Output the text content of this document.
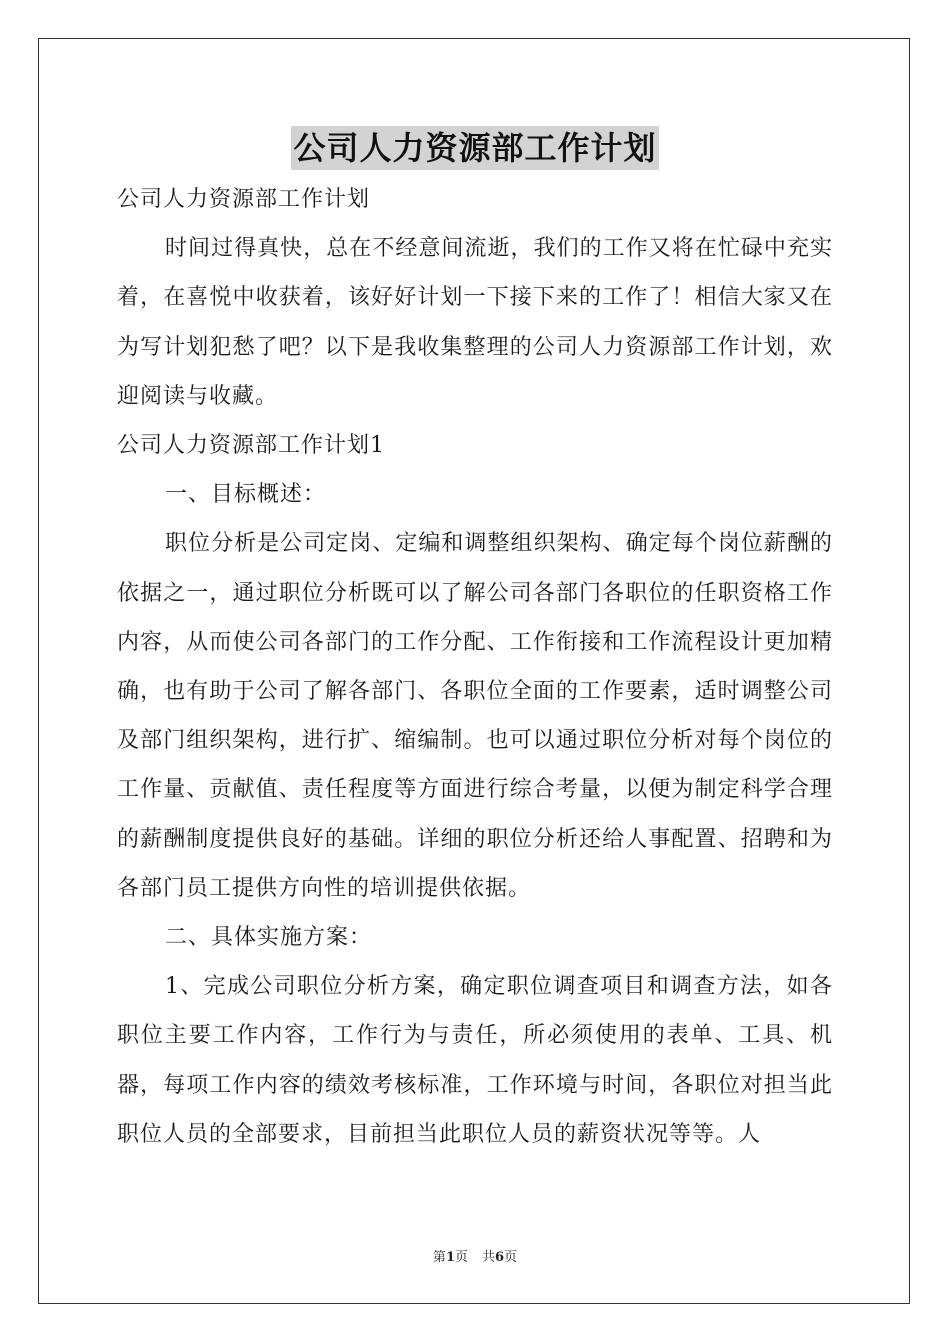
公司人力资源部工作计划

公司人力资源部工作计划

时间过得真快，总在不经意间流逝，我们的工作又将在忙碌中充实着，在喜悦中收获着，该好好计划一下接下来的工作了！相信大家又在为写计划犯愁了吧？以下是我收集整理的公司人力资源部工作计划，欢迎阅读与收藏。

公司人力资源部工作计划1

一、目标概述：

职位分析是公司定岗、定编和调整组织架构、确定每个岗位薪酬的依据之一，通过职位分析既可以了解公司各部门各职位的任职资格工作内容，从而使公司各部门的工作分配、工作衔接和工作流程设计更加精确，也有助于公司了解各部门、各职位全面的工作要素，适时调整公司及部门组织架构，进行扩、缩编制。也可以通过职位分析对每个岗位的工作量、贡献值、责任程度等方面进行综合考量，以便为制定科学合理的薪酬制度提供良好的基础。详细的职位分析还给人事配置、招聘和为各部门员工提供方向性的培训提供依据。

二、具体实施方案：

1、完成公司职位分析方案，确定职位调查项目和调查方法，如各职位主要工作内容，工作行为与责任，所必须使用的表单、工具、机器，每项工作内容的绩效考核标准，工作环境与时间，各职位对担当此职位人员的全部要求，目前担当此职位人员的薪资状况等等。人

第1页 共6页
